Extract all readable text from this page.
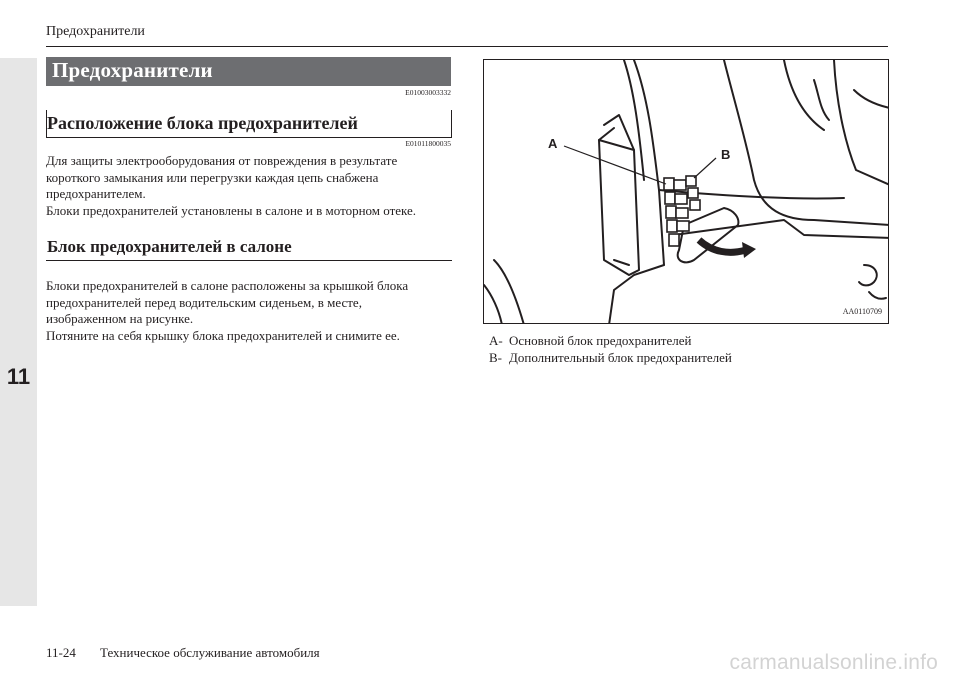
11
Предохранители
Предохранители
E01003003332
Расположение блока предохранителей
E01011800035
Для защиты электрооборудования от повреждения в результате
короткого замыкания или перегрузки каждая цепь снабжена
предохранителем.
Блоки предохранителей установлены в салоне и в моторном отеке.
Блок предохранителей в салоне
Блоки предохранителей в салоне расположены за крышкой блока
предохранителей перед водительским сиденьем, в месте,
изображенном на рисунке.
Потяните на себя крышку блока предохранителей и снимите ее.
A
B
AA0110709
A- Основной блок предохранителей
B- Дополнительный блок предохранителей
11-24 Техническое обслуживание автомобиля	carmanualsonline.info
